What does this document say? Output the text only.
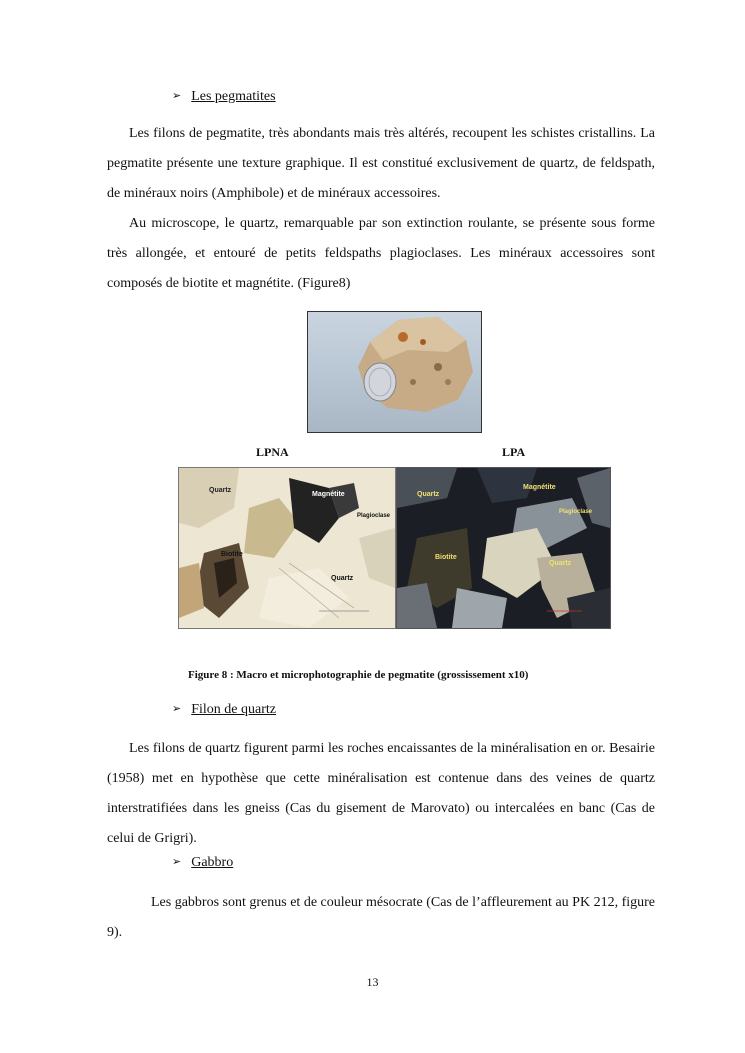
➢ Les pegmatites

Les filons de pegmatite, très abondants mais très altérés, recoupent les schistes cristallins. La pegmatite présente une texture graphique. Il est constitué exclusivement de quartz, de feldspath, de minéraux noirs (Amphibole) et de minéraux accessoires.

Au microscope, le quartz, remarquable par son extinction roulante, se présente sous forme très allongée, et entouré de petits feldspaths plagioclases. Les minéraux accessoires sont composés de biotite et magnétite. (Figure8)

LPNA	LPA
Quartz
Magnétite
Plagioclase
Biotite
Quartz
Quartz
Magnétite
Plagioclase
Biotite
Quartz
Figure 8 : Macro et microphotographie de pegmatite (grossissement x10)
➢ Filon de quartz

Les filons de quartz figurent parmi les roches encaissantes de la minéralisation en or. Besairie (1958) met en hypothèse que cette minéralisation est contenue dans des veines de quartz interstratifiées dans les gneiss (Cas du gisement de Marovato) ou intercalées en banc (Cas de celui de Grigri).

➢ Gabbro

Les gabbros sont grenus et de couleur mésocrate (Cas de l’affleurement au PK 212, figure 9).

13
